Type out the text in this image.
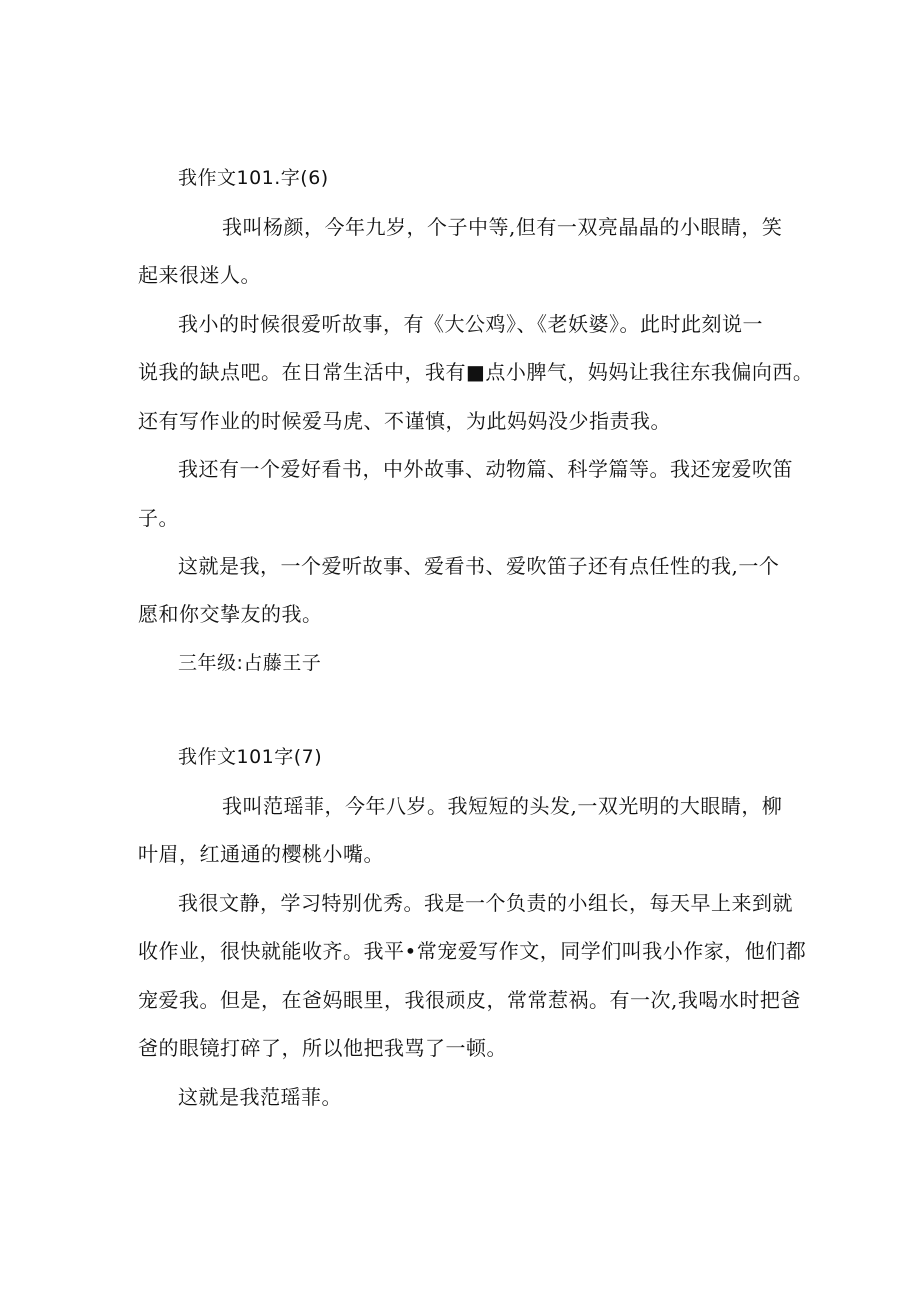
我作文101.字(6)
我叫杨颜，今年九岁，个子中等,但有一双亮晶晶的小眼睛，笑
起来很迷人。
我小的时候很爱听故事，有《大公鸡》、《老妖婆》。此时此刻说一
说我的缺点吧。在日常生活中，我有■点小脾气，妈妈让我往东我偏向西。
还有写作业的时候爱马虎、不谨慎，为此妈妈没少指责我。
我还有一个爱好看书，中外故事、动物篇、科学篇等。我还宠爱吹笛
子。
这就是我，一个爱听故事、爱看书、爱吹笛子还有点任性的我,一个
愿和你交挚友的我。
三年级:占藤王子
我作文101字(7)
我叫范瑶菲，今年八岁。我短短的头发,一双光明的大眼睛，柳
叶眉，红通通的樱桃小嘴。
我很文静，学习特别优秀。我是一个负责的小组长，每天早上来到就
收作业，很快就能收齐。我平•常宠爱写作文，同学们叫我小作家，他们都
宠爱我。但是，在爸妈眼里，我很顽皮，常常惹祸。有一次,我喝水时把爸
爸的眼镜打碎了，所以他把我骂了一顿。
这就是我范瑶菲。
